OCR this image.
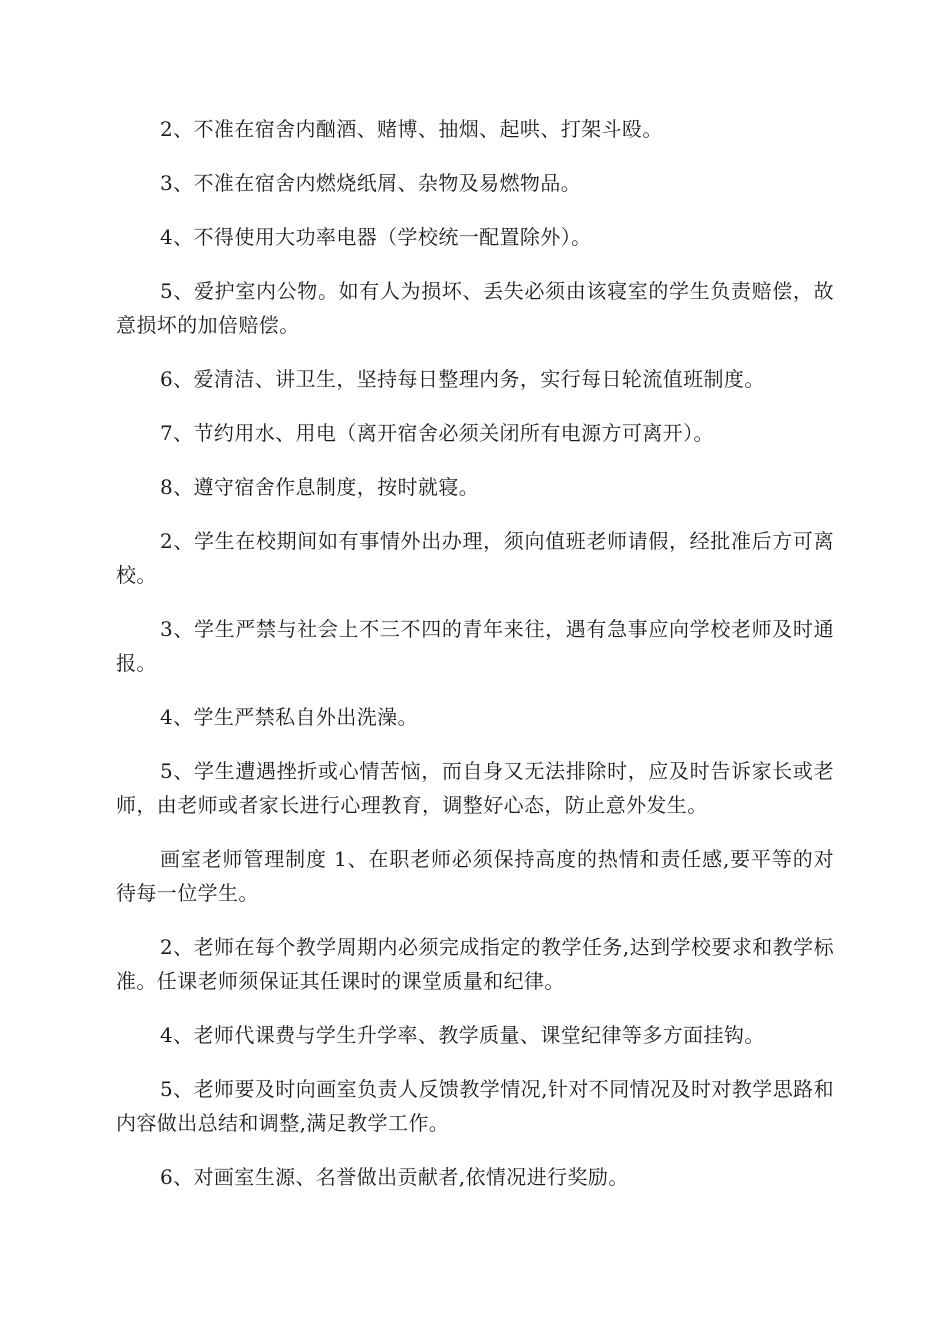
2、不准在宿舍内酗酒、赌博、抽烟、起哄、打架斗殴。

3、不准在宿舍内燃烧纸屑、杂物及易燃物品。

4、不得使用大功率电器（学校统一配置除外）。

5、爱护室内公物。如有人为损坏、丢失必须由该寝室的学生负责赔偿，故意损坏的加倍赔偿。

6、爱清洁、讲卫生，坚持每日整理内务，实行每日轮流值班制度。

7、节约用水、用电（离开宿舍必须关闭所有电源方可离开）。

8、遵守宿舍作息制度，按时就寝。

2、学生在校期间如有事情外出办理，须向值班老师请假，经批准后方可离校。

3、学生严禁与社会上不三不四的青年来往，遇有急事应向学校老师及时通报。

4、学生严禁私自外出洗澡。

5、学生遭遇挫折或心情苦恼，而自身又无法排除时，应及时告诉家长或老师，由老师或者家长进行心理教育，调整好心态，防止意外发生。

画室老师管理制度 1、在职老师必须保持高度的热情和责任感,要平等的对待每一位学生。

2、老师在每个教学周期内必须完成指定的教学任务,达到学校要求和教学标准。任课老师须保证其任课时的课堂质量和纪律。

4、老师代课费与学生升学率、教学质量、课堂纪律等多方面挂钩。

5、老师要及时向画室负责人反馈教学情况,针对不同情况及时对教学思路和内容做出总结和调整,满足教学工作。

6、对画室生源、名誉做出贡献者,依情况进行奖励。
